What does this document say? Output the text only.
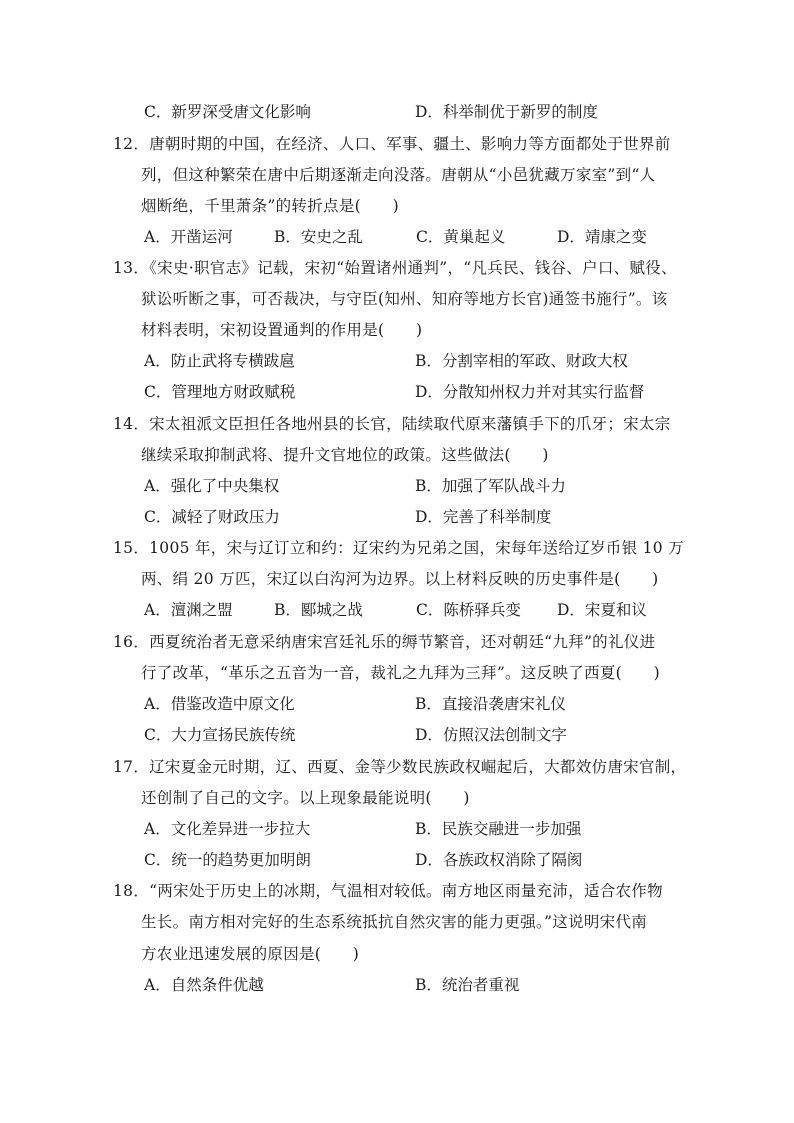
C．新罗深受唐文化影响	D．科举制优于新罗的制度
12．唐朝时期的中国，在经济、人口、军事、疆土、影响力等方面都处于世界前
列，但这种繁荣在唐中后期逐渐走向没落。唐朝从“小邑犹藏万家室”到“人
烟断绝，千里萧条”的转折点是(　　)
A．开凿运河	B．安史之乱	C．黄巢起义	D．靖康之变
13．《宋史·职官志》记载，宋初“始置诸州通判”，“凡兵民、钱谷、户口、赋役、
狱讼听断之事，可否裁决，与守臣(知州、知府等地方长官)通签书施行”。该
材料表明，宋初设置通判的作用是(　　)
A．防止武将专横跋扈	B．分割宰相的军政、财政大权
C．管理地方财政赋税	D．分散知州权力并对其实行监督
14．宋太祖派文臣担任各地州县的长官，陆续取代原来藩镇手下的爪牙；宋太宗
继续采取抑制武将、提升文官地位的政策。这些做法(　　)
A．强化了中央集权	B．加强了军队战斗力
C．减轻了财政压力	D．完善了科举制度
15．1005 年，宋与辽订立和约：辽宋约为兄弟之国，宋每年送给辽岁币银 10 万
两、绢 20 万匹，宋辽以白沟河为边界。以上材料反映的历史事件是(　　)
A．澶渊之盟	B．郾城之战	C．陈桥驿兵变 D．宋夏和议
16．西夏统治者无意采纳唐宋宫廷礼乐的缛节繁音，还对朝廷“九拜”的礼仪进
行了改革，“革乐之五音为一音，裁礼之九拜为三拜”。这反映了西夏(　　)
A．借鉴改造中原文化	B．直接沿袭唐宋礼仪
C．大力宣扬民族传统	D．仿照汉法创制文字
17．辽宋夏金元时期，辽、西夏、金等少数民族政权崛起后，大都效仿唐宋官制，
还创制了自己的文字。以上现象最能说明(　　)
A．文化差异进一步拉大	B．民族交融进一步加强
C．统一的趋势更加明朗	D．各族政权消除了隔阂
18．“两宋处于历史上的冰期，气温相对较低。南方地区雨量充沛，适合农作物
生长。南方相对完好的生态系统抵抗自然灾害的能力更强。”这说明宋代南
方农业迅速发展的原因是(　　)
A．自然条件优越	B．统治者重视
